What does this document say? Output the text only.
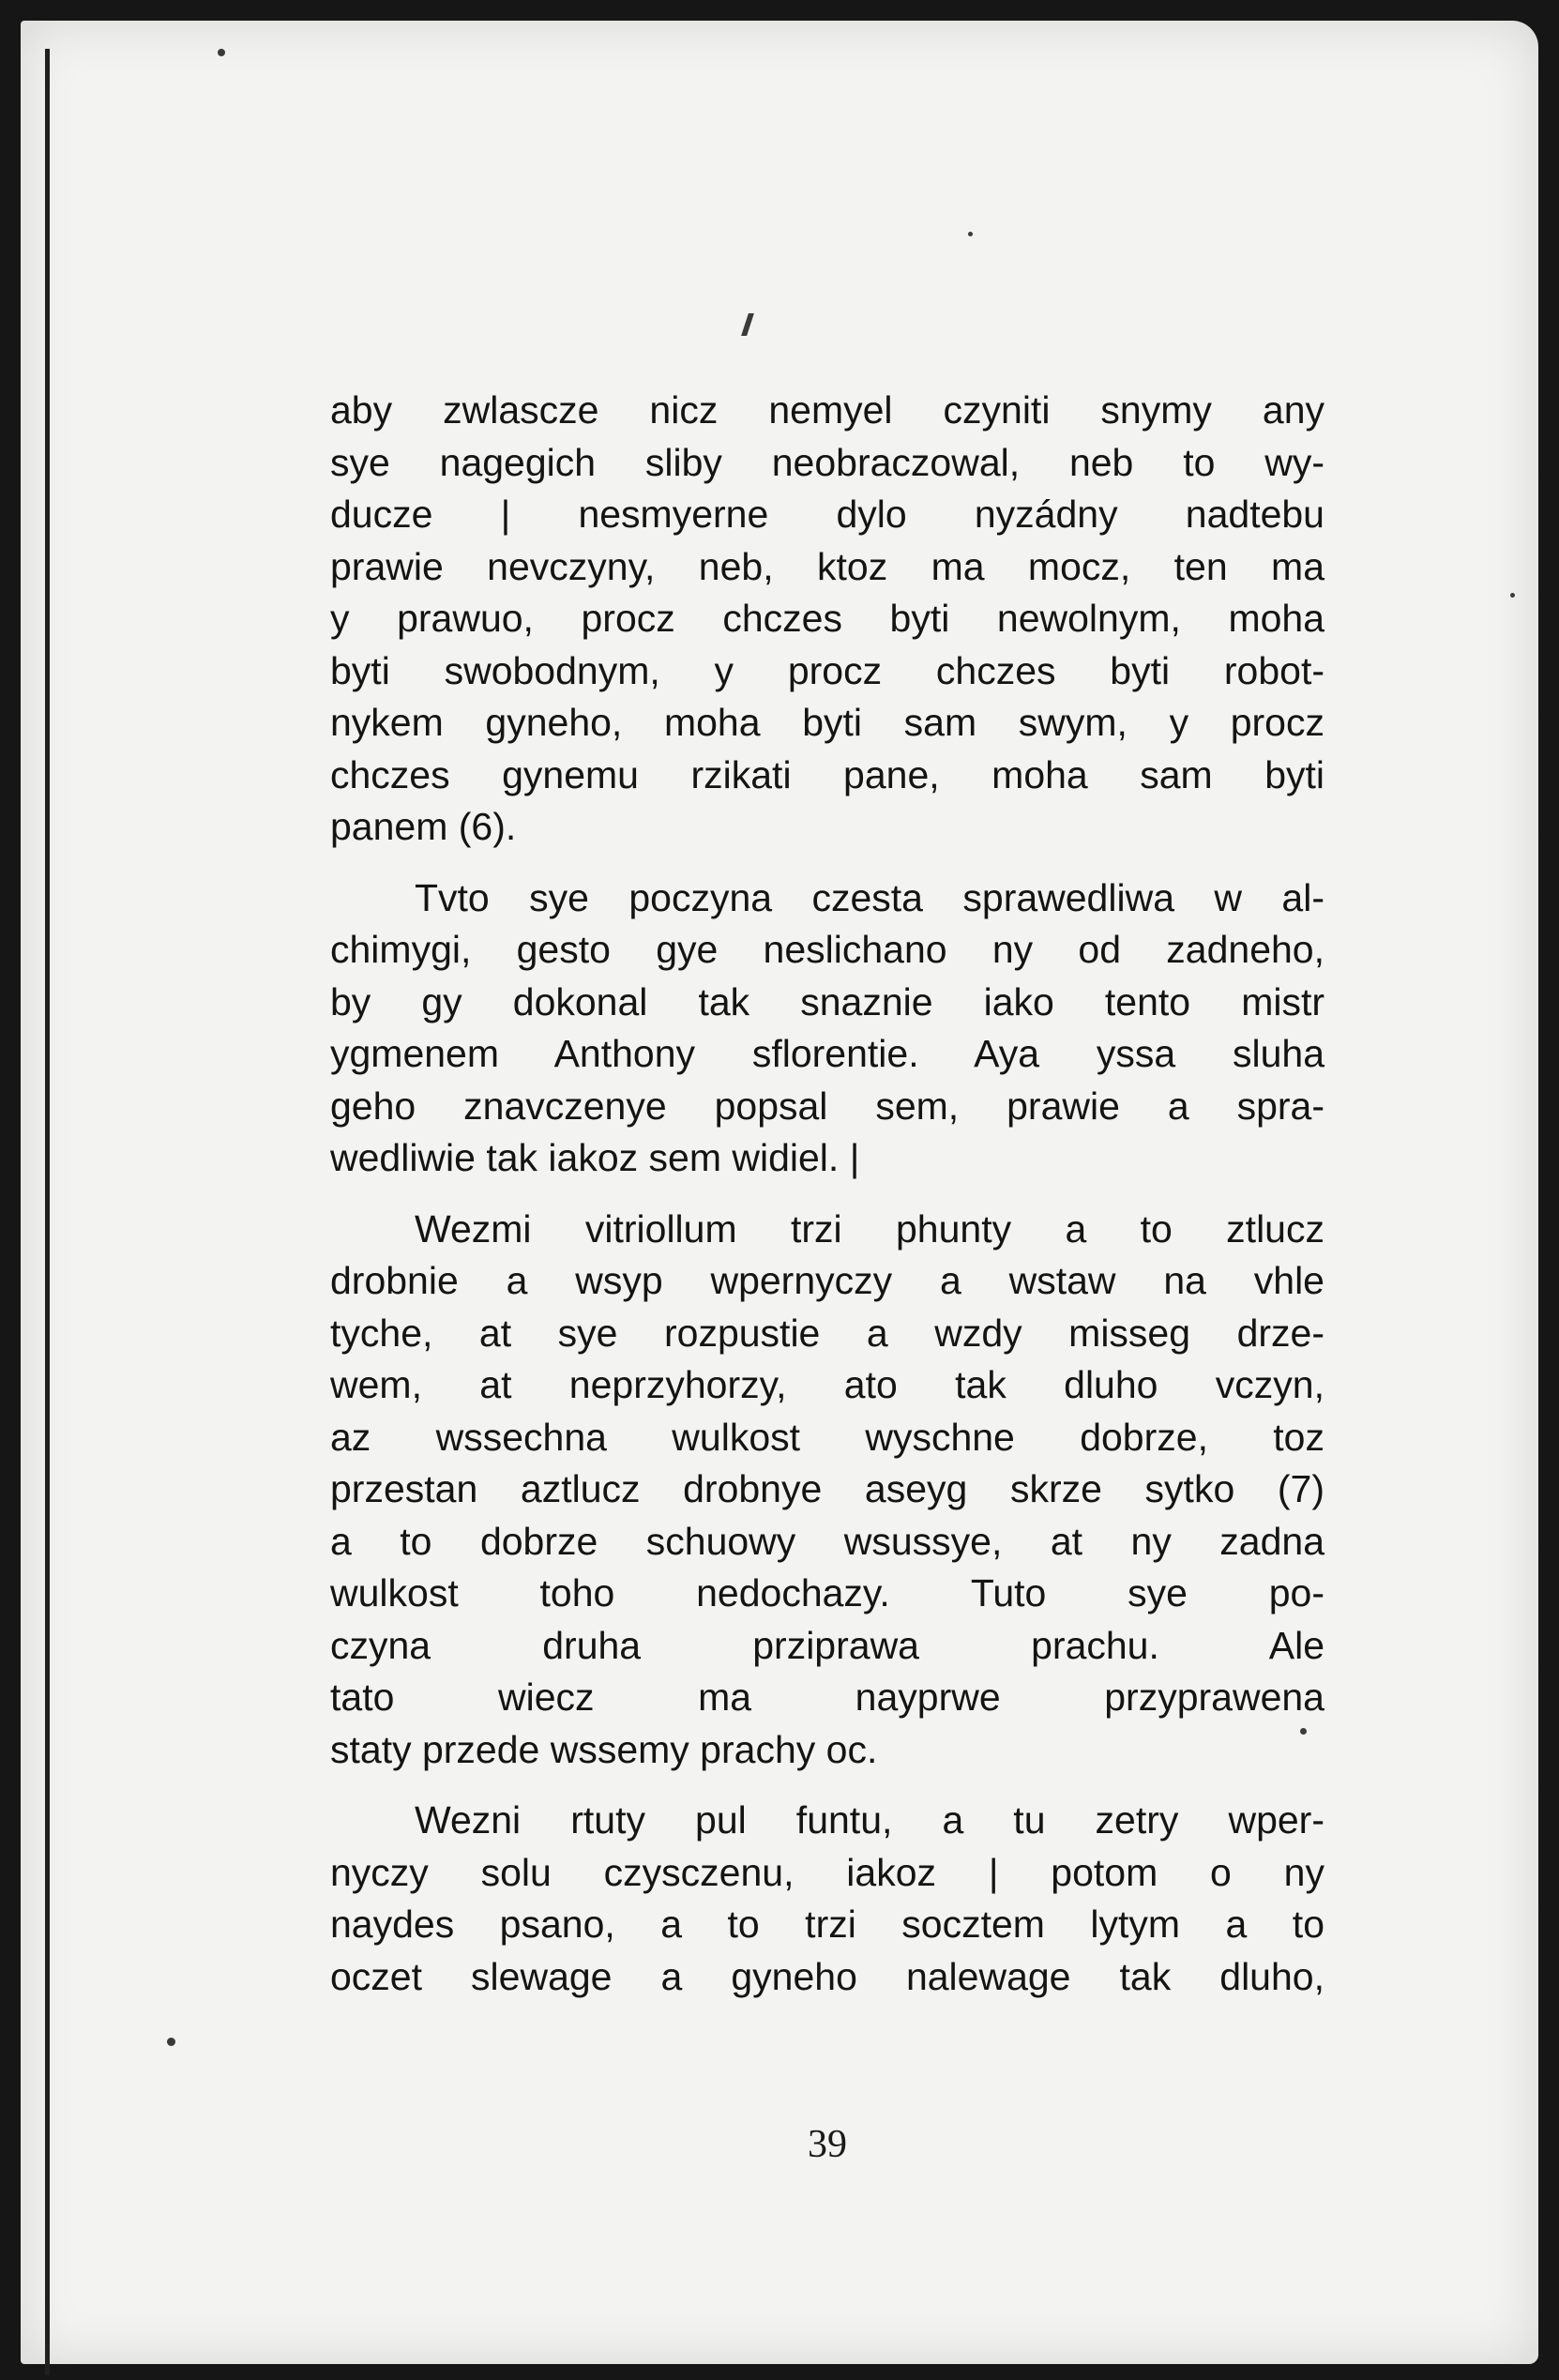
aby zwlascze nicz nemyel czyniti snymy any
sye nagegich sliby neobraczowal, neb to wy-
ducze | nesmyerne dylo nyzádny nadtebu
prawie nevczyny, neb, ktoz ma mocz, ten ma
y prawuo, procz chczes byti newolnym, moha
byti swobodnym, y procz chczes byti robot-
nykem gyneho, moha byti sam swym, y procz
chczes gynemu rzikati pane, moha sam byti
panem (6).
Tvto sye poczyna czesta sprawedliwa w al-
chimygi, gesto gye neslichano ny od zadneho,
by gy dokonal tak snaznie iako tento mistr
ygmenem Anthony sflorentie. Aya yssa sluha
geho znavczenye popsal sem, prawie a spra-
wedliwie tak iakoz sem widiel. |
Wezmi vitriollum trzi phunty a to ztlucz
drobnie a wsyp wpernyczy a wstaw na vhle
tyche, at sye rozpustie a wzdy misseg drze-
wem, at neprzyhorzy, ato tak dluho vczyn,
az wssechna wulkost wyschne dobrze, toz
przestan aztlucz drobnye aseyg skrze sytko (7)
a to dobrze schuowy wsussye, at ny zadna
wulkost toho nedochazy. Tuto sye po-
czyna druha prziprawa prachu. Ale
tato wiecz ma nayprwe przyprawena
staty przede wssemy prachy oc.
Wezni rtuty pul funtu, a tu zetry wper-
nyczy solu czysczenu, iakoz | potom o ny
naydes psano, a to trzi socztem lytym a to
oczet slewage a gyneho nalewage tak dluho,
39
